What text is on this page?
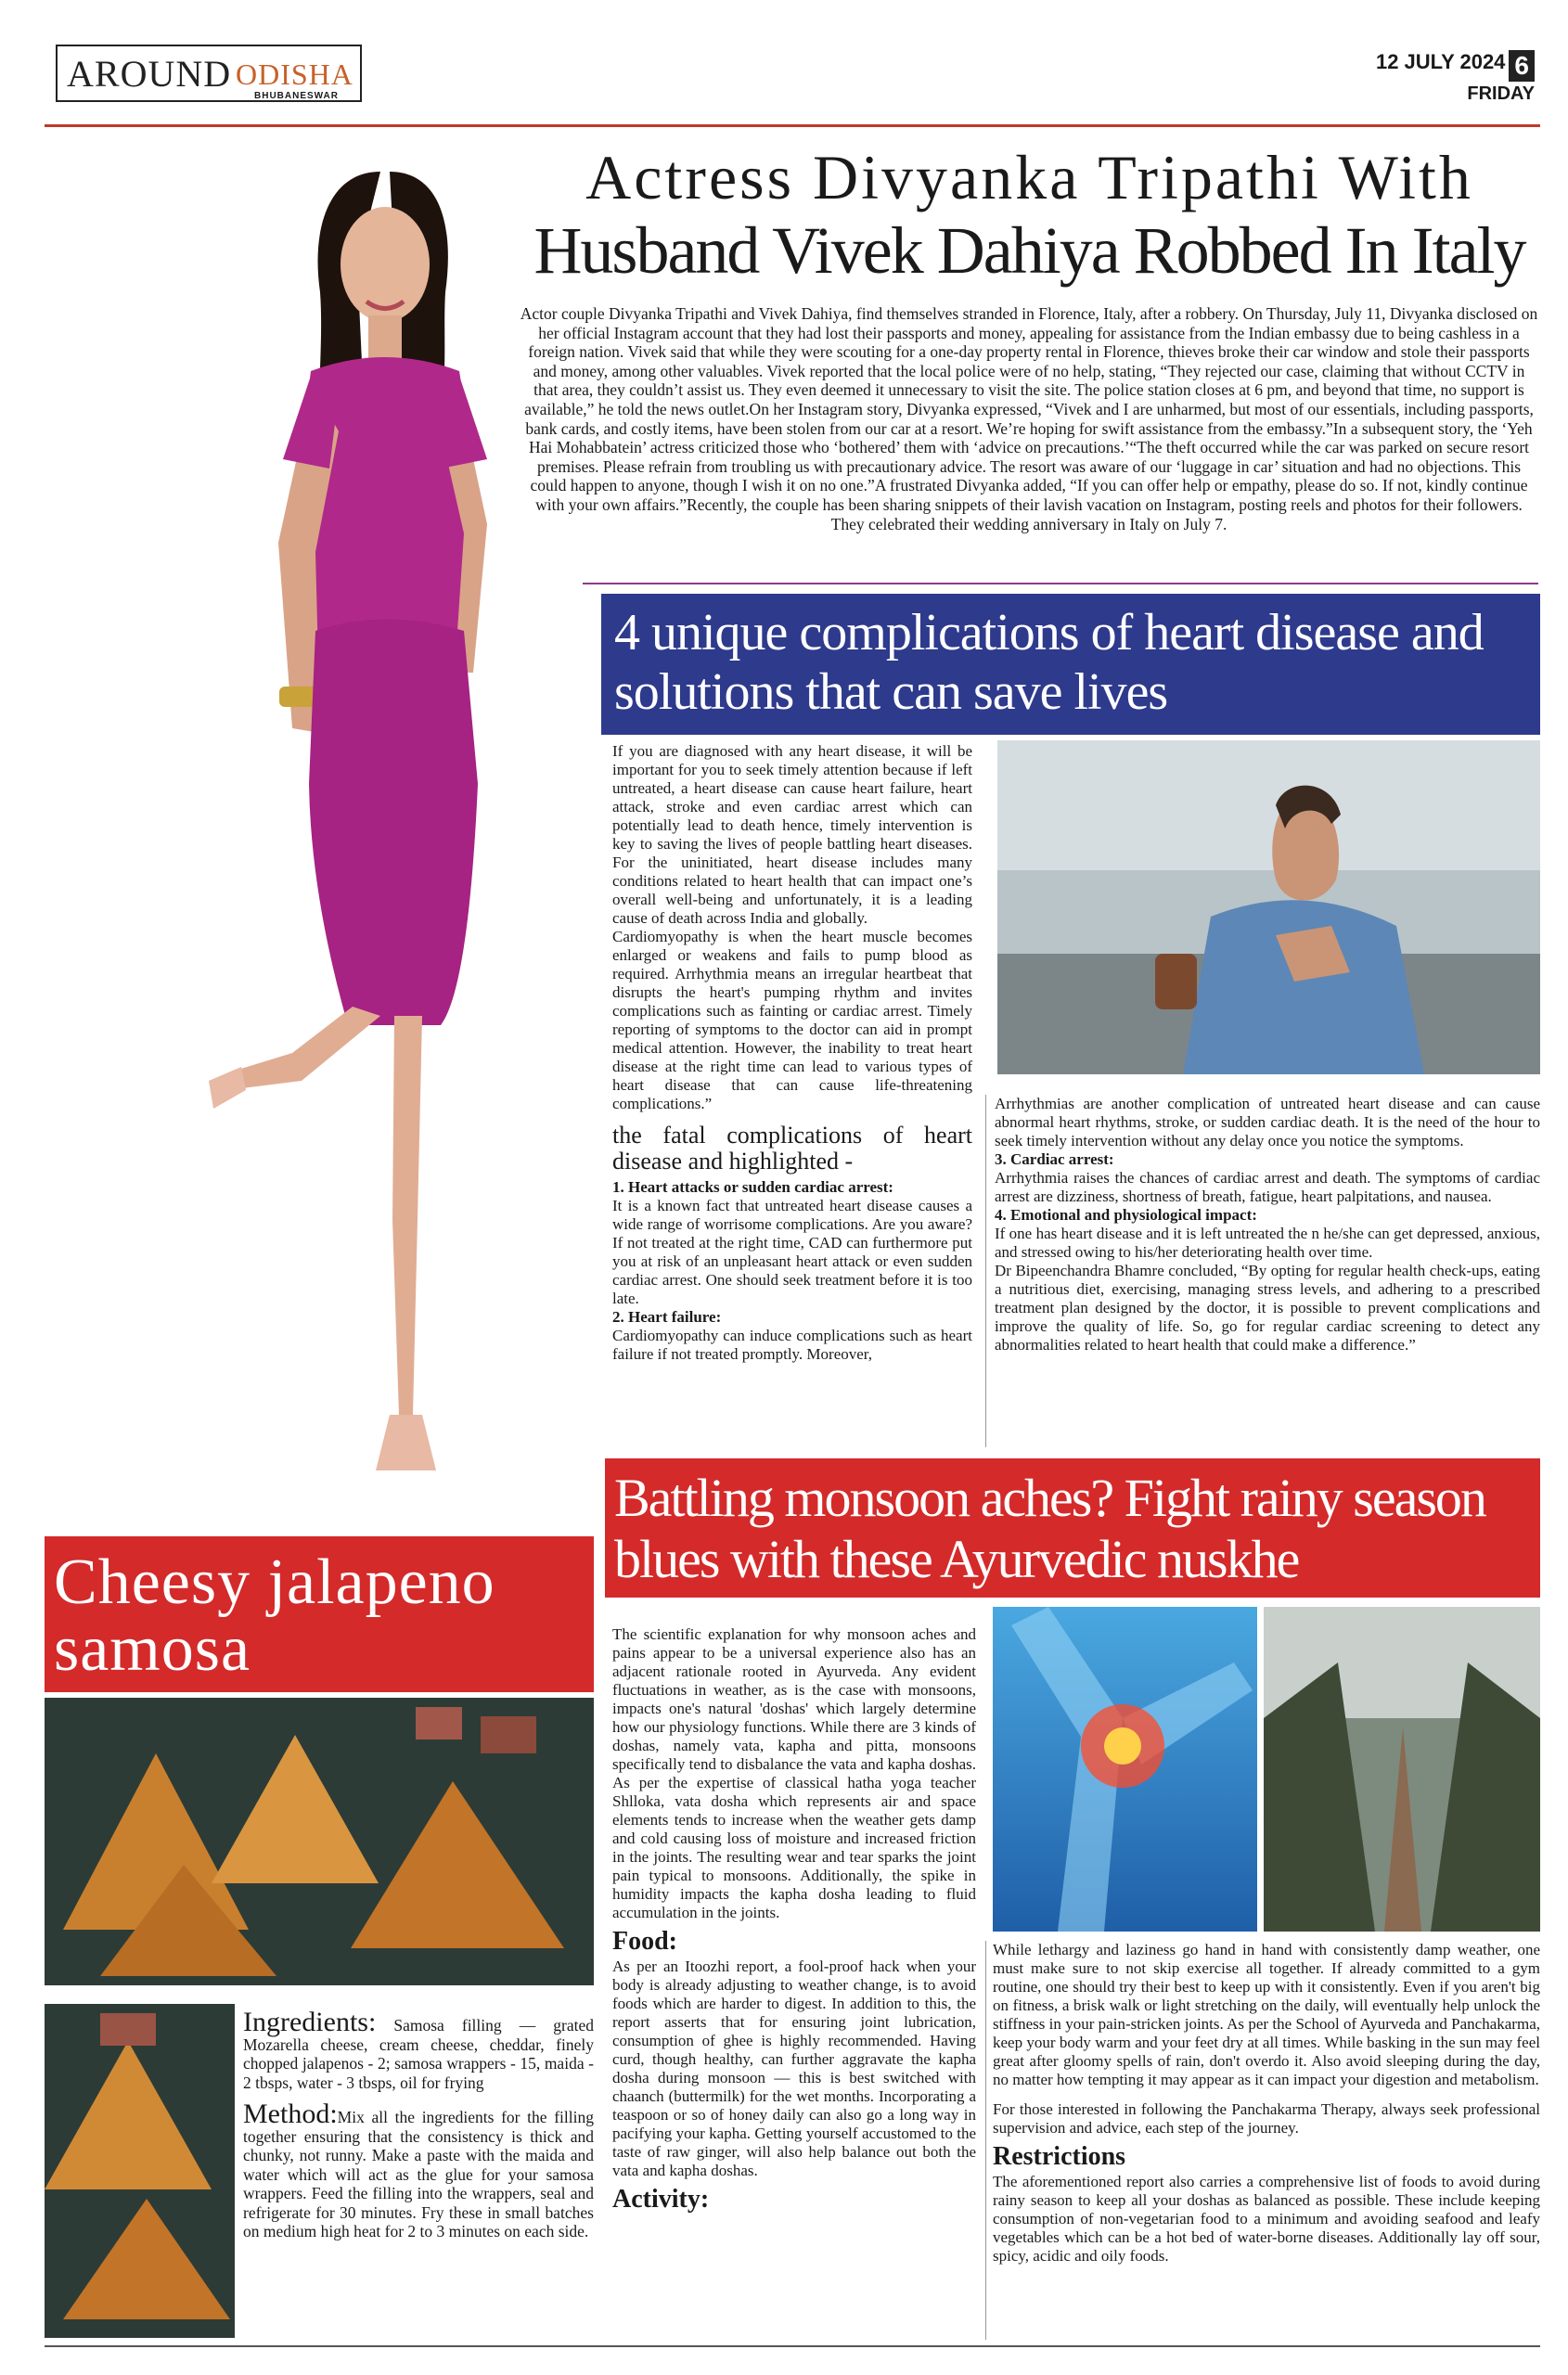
AROUND ODISHA
BHUBANESWAR
12 JULY 2024 6
FRIDAY
Actress Divyanka Tripathi With
Husband Vivek Dahiya Robbed In Italy
Actor couple Divyanka Tripathi and Vivek Dahiya, find themselves stranded in Florence, Italy, after a robbery. On Thursday, July 11, Divyanka disclosed on her official Instagram account that they had lost their passports and money, appealing for assistance from the Indian embassy due to being cashless in a foreign nation. Vivek said that while they were scouting for a one-day property rental in Florence, thieves broke their car window and stole their passports and money, among other valuables. Vivek reported that the local police were of no help, stating, “They rejected our case, claiming that without CCTV in that area, they couldn’t assist us. They even deemed it unnecessary to visit the site. The police station closes at 6 pm, and beyond that time, no support is available,” he told the news outlet.On her Instagram story, Divyanka expressed, “Vivek and I are unharmed, but most of our essentials, including passports, bank cards, and costly items, have been stolen from our car at a resort. We’re hoping for swift assistance from the embassy.”In a subsequent story, the ‘Yeh Hai Mohabbatein’ actress criticized those who ‘bothered’ them with ‘advice on precautions.’“The theft occurred while the car was parked on secure resort premises. Please refrain from troubling us with precautionary advice. The resort was aware of our ‘luggage in car’ situation and had no objections. This could happen to anyone, though I wish it on no one.”A frustrated Divyanka added, “If you can offer help or empathy, please do so. If not, kindly continue with your own affairs.”Recently, the couple has been sharing snippets of their lavish vacation on Instagram, posting reels and photos for their followers. They celebrated their wedding anniversary in Italy on July 7.
4 unique complications of heart disease and solutions that can save lives
If you are diagnosed with any heart disease, it will be important for you to seek timely attention because if left untreated, a heart disease can cause heart failure, heart attack, stroke and even cardiac arrest which can potentially lead to death hence, timely intervention is key to saving the lives of people battling heart diseases. For the uninitiated, heart disease includes many conditions related to heart health that can impact one’s overall well-being and unfortunately, it is a leading cause of death across India and globally.
Cardiomyopathy is when the heart muscle becomes enlarged or weakens and fails to pump blood as required. Arrhythmia means an irregular heartbeat that disrupts the heart's pumping rhythm and invites complications such as fainting or cardiac arrest. Timely reporting of symptoms to the doctor can aid in prompt medical attention. However, the inability to treat heart disease at the right time can lead to various types of heart disease that can cause life-threatening complications.”
the fatal complications of heart disease and highlighted -
1. Heart attacks or sudden cardiac arrest:
It is a known fact that untreated heart disease causes a wide range of worrisome complications. Are you aware? If not treated at the right time, CAD can furthermore put you at risk of an unpleasant heart attack or even sudden cardiac arrest. One should seek treatment before it is too late.
2. Heart failure:
Cardiomyopathy can induce complications such as heart failure if not treated promptly. Moreover,
Arrhythmias are another complication of untreated heart disease and can cause abnormal heart rhythms, stroke, or sudden cardiac death. It is the need of the hour to seek timely intervention without any delay once you notice the symptoms.
3. Cardiac arrest:
Arrhythmia raises the chances of cardiac arrest and death. The symptoms of cardiac arrest are dizziness, shortness of breath, fatigue, heart palpitations, and nausea.
4. Emotional and physiological impact:
If one has heart disease and it is left untreated the n he/she can get depressed, anxious, and stressed owing to his/her deteriorating health over time.
Dr Bipeenchandra Bhamre concluded, “By opting for regular health check-ups, eating a nutritious diet, exercising, managing stress levels, and adhering to a prescribed treatment plan designed by the doctor, it is possible to prevent complications and improve the quality of life. So, go for regular cardiac screening to detect any abnormalities related to heart health that could make a difference.”
Battling monsoon aches? Fight rainy season blues with these Ayurvedic nuskhe
Cheesy jalapeno samosa
Ingredients: Samosa filling — grated Mozarella cheese, cream cheese, cheddar, finely chopped jalapenos - 2; samosa wrappers - 15, maida - 2 tbsps, water - 3 tbsps, oil for frying
Method:Mix all the ingredients for the filling together ensuring that the consistency is thick and chunky, not runny. Make a paste with the maida and water which will act as the glue for your samosa wrappers. Feed the filling into the wrappers, seal and refrigerate for 30 minutes. Fry these in small batches on medium high heat for 2 to 3 minutes on each side.
The scientific explanation for why monsoon aches and pains appear to be a universal experience also has an adjacent rationale rooted in Ayurveda. Any evident fluctuations in weather, as is the case with monsoons, impacts one's natural 'doshas' which largely determine how our physiology functions. While there are 3 kinds of doshas, namely vata, kapha and pitta, monsoons specifically tend to disbalance the vata and kapha doshas. As per the expertise of classical hatha yoga teacher Shlloka, vata dosha which represents air and space elements tends to increase when the weather gets damp and cold causing loss of moisture and increased friction in the joints. The resulting wear and tear sparks the joint pain typical to monsoons. Additionally, the spike in humidity impacts the kapha dosha leading to fluid accumulation in the joints.
Food:
As per an Itoozhi report, a fool-proof hack when your body is already adjusting to weather change, is to avoid foods which are harder to digest. In addition to this, the report asserts that for ensuring joint lubrication, consumption of ghee is highly recommended. Having curd, though healthy, can further aggravate the kapha dosha during monsoon — this is best switched with chaanch (buttermilk) for the wet months. Incorporating a teaspoon or so of honey daily can also go a long way in pacifying your kapha. Getting yourself accustomed to the taste of raw ginger, will also help balance out both the vata and kapha doshas.
Activity:
While lethargy and laziness go hand in hand with consistently damp weather, one must make sure to not skip exercise all together. If already committed to a gym routine, one should try their best to keep up with it consistently. Even if you aren't big on fitness, a brisk walk or light stretching on the daily, will eventually help unlock the stiffness in your pain-stricken joints. As per the School of Ayurveda and Panchakarma, keep your body warm and your feet dry at all times. While basking in the sun may feel great after gloomy spells of rain, don't overdo it. Also avoid sleeping during the day, no matter how tempting it may appear as it can impact your digestion and metabolism.
For those interested in following the Panchakarma Therapy, always seek professional supervision and advice, each step of the journey.
Restrictions
The aforementioned report also carries a comprehensive list of foods to avoid during rainy season to keep all your doshas as balanced as possible. These include keeping consumption of non-vegetarian food to a minimum and avoiding seafood and leafy vegetables which can be a hot bed of water-borne diseases. Additionally lay off sour, spicy, acidic and oily foods.
